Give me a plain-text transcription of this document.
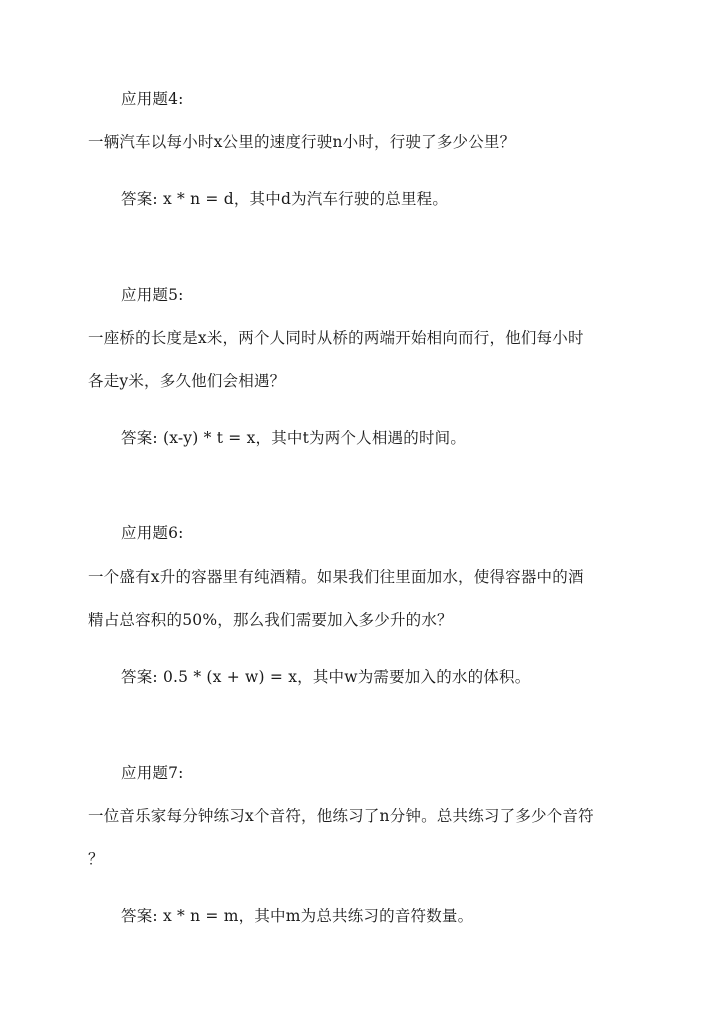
应用题4:
一辆汽车以每小时x公里的速度行驶n小时，行驶了多少公里？
答案: x * n = d，其中d为汽车行驶的总里程。
应用题5:
一座桥的长度是x米，两个人同时从桥的两端开始相向而行，他们每小时
各走y米，多久他们会相遇？
答案: (x-y) * t = x，其中t为两个人相遇的时间。
应用题6:
一个盛有x升的容器里有纯酒精。如果我们往里面加水，使得容器中的酒
精占总容积的50%，那么我们需要加入多少升的水？
答案: 0.5 * (x + w) = x，其中w为需要加入的水的体积。
应用题7:
一位音乐家每分钟练习x个音符，他练习了n分钟。总共练习了多少个音符
？
答案: x * n = m，其中m为总共练习的音符数量。
